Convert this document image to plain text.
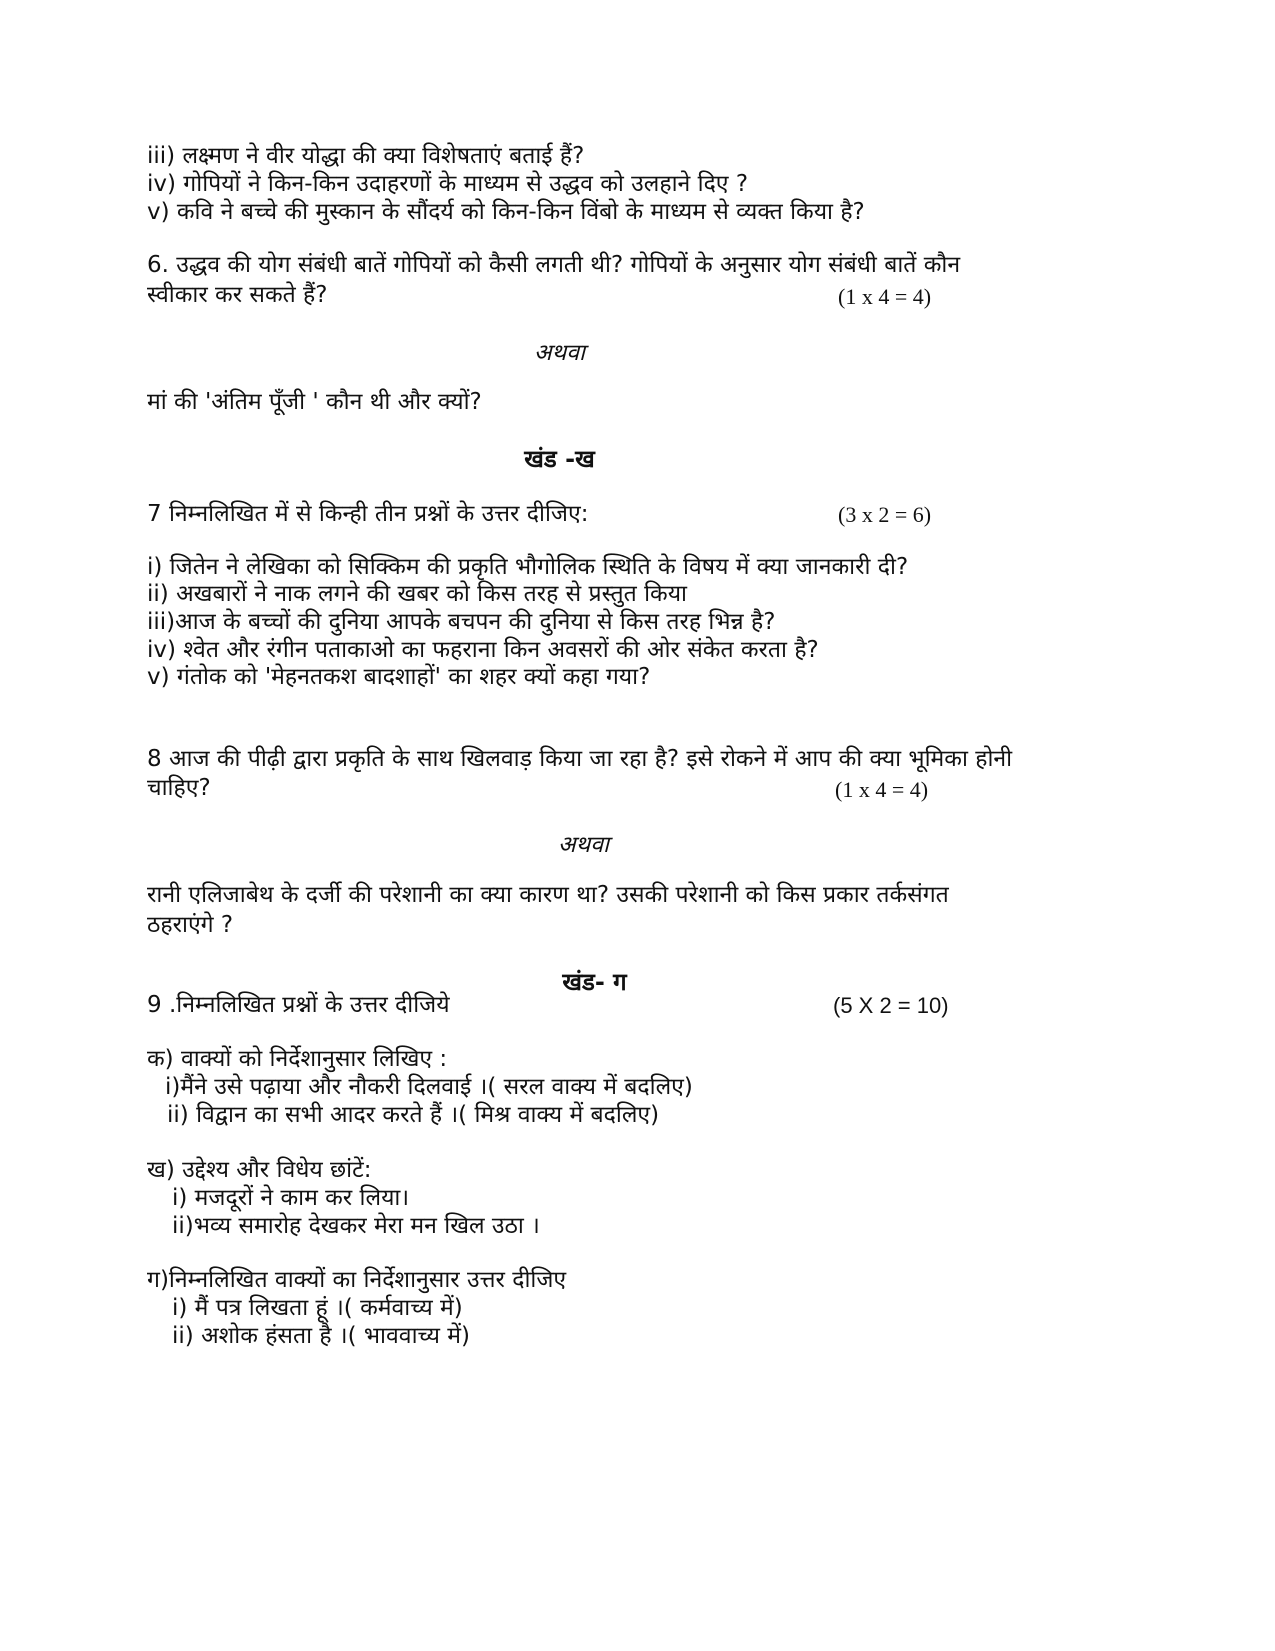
iii) लक्ष्मण ने वीर योद्धा की क्या विशेषताएं बताई हैं?
iv) गोपियों ने किन-किन उदाहरणों के माध्यम से उद्धव को उलहाने दिए ?
v) कवि ने बच्चे की मुस्कान के सौंदर्य को किन-किन विंबो के माध्यम से व्यक्त किया है?
6. उद्धव की योग संबंधी बातें गोपियों को कैसी लगती थी? गोपियों के अनुसार योग संबंधी बातें कौन
स्वीकार कर सकते हैं?	(1 x 4 = 4)
अथवा
मां की 'अंतिम पूँजी ' कौन थी और क्यों?
खंड -ख
7 निम्नलिखित में से किन्ही तीन प्रश्नों के उत्तर दीजिए:	(3 x 2 = 6)
i) जितेन ने लेखिका को सिक्किम की प्रकृति भौगोलिक स्थिति के विषय में क्या जानकारी दी?
ii) अखबारों ने नाक लगने की खबर को किस तरह से प्रस्तुत किया
iii)आज के बच्चों की दुनिया आपके बचपन की दुनिया से किस तरह भिन्न है?
iv) श्वेत और रंगीन पताकाओ का फहराना किन अवसरों की ओर संकेत करता है?
v) गंतोक को 'मेहनतकश बादशाहों' का शहर क्यों कहा गया?
8 आज की पीढ़ी द्वारा प्रकृति के साथ खिलवाड़ किया जा रहा है? इसे रोकने में आप की क्या भूमिका होनी
चाहिए?	(1 x 4 = 4)
अथवा
रानी एलिजाबेथ के दर्जी की परेशानी का क्या कारण था? उसकी परेशानी को किस प्रकार तर्कसंगत
ठहराएंगे ?
खंड- ग
9 .निम्नलिखित प्रश्नों के उत्तर दीजिये	(5 X 2 = 10)
क) वाक्यों को निर्देशानुसार लिखिए :
i)मैंने उसे पढ़ाया और नौकरी दिलवाई ।( सरल वाक्य में बदलिए)
ii) विद्वान का सभी आदर करते हैं ।( मिश्र वाक्य में बदलिए)
ख) उद्देश्य और विधेय छांटें:
i) मजदूरों ने काम कर लिया।
ii)भव्य समारोह देखकर मेरा मन खिल उठा ।
ग)निम्नलिखित वाक्यों का निर्देशानुसार उत्तर दीजिए
i) मैं पत्र लिखता हूं ।( कर्मवाच्य में)
ii) अशोक हंसता है ।( भाववाच्य में)
